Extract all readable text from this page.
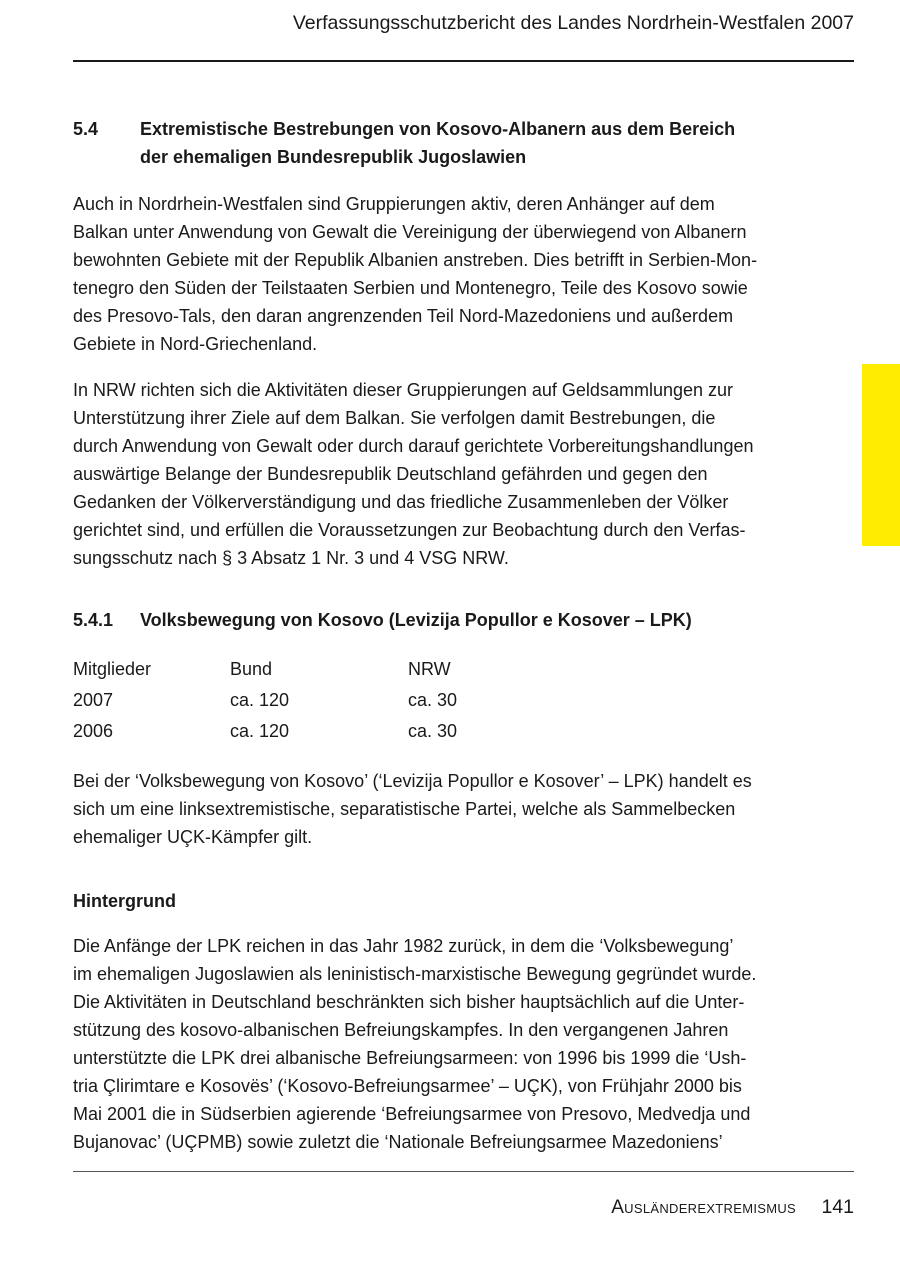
Verfassungsschutzbericht des Landes Nordrhein-Westfalen 2007
5.4	Extremistische Bestrebungen von Kosovo-Albanern aus dem Bereich
der ehemaligen Bundesrepublik Jugoslawien

Auch in Nordrhein-Westfalen sind Gruppierungen aktiv, deren Anhänger auf dem
Balkan unter Anwendung von Gewalt die Vereinigung der überwiegend von Albanern
bewohnten Gebiete mit der Republik Albanien anstreben. Dies betrifft in Serbien-Mon-
tenegro den Süden der Teilstaaten Serbien und Montenegro, Teile des Kosovo sowie
des Presovo-Tals, den daran angrenzenden Teil Nord-Mazedoniens und außerdem
Gebiete in Nord-Griechenland.

In NRW richten sich die Aktivitäten dieser Gruppierungen auf Geldsammlungen zur
Unterstützung ihrer Ziele auf dem Balkan. Sie verfolgen damit Bestrebungen, die
durch Anwendung von Gewalt oder durch darauf gerichtete Vorbereitungshandlungen
auswärtige Belange der Bundesrepublik Deutschland gefährden und gegen den
Gedanken der Völkerverständigung und das friedliche Zusammenleben der Völker
gerichtet sind, und erfüllen die Voraussetzungen zur Beobachtung durch den Verfas-
sungsschutz nach § 3 Absatz 1 Nr. 3 und 4 VSG NRW.

5.4.1	Volksbewegung von Kosovo (Levizija Popullor e Kosover – LPK)
Mitglieder	Bund	NRW
2007	ca. 120	ca. 30
2006	ca. 120	ca. 30

Bei der ‘Volksbewegung von Kosovo’ (‘Levizija Popullor e Kosover’ – LPK) handelt es
sich um eine linksextremistische, separatistische Partei, welche als Sammelbecken
ehemaliger UÇK-Kämpfer gilt.

Hintergrund

Die Anfänge der LPK reichen in das Jahr 1982 zurück, in dem die ‘Volksbewegung’
im ehemaligen Jugoslawien als leninistisch-marxistische Bewegung gegründet wurde.
Die Aktivitäten in Deutschland beschränkten sich bisher hauptsächlich auf die Unter-
stützung des kosovo-albanischen Befreiungskampfes. In den vergangenen Jahren
unterstützte die LPK drei albanische Befreiungsarmeen: von 1996 bis 1999 die ‘Ush-
tria Çlirimtare e Kosovës’ (‘Kosovo-Befreiungsarmee’ – UÇK), von Frühjahr 2000 bis
Mai 2001 die in Südserbien agierende ‘Befreiungsarmee von Presovo, Medvedja und
Bujanovac’ (UÇPMB) sowie zuletzt die ‘Nationale Befreiungsarmee Mazedoniens’

Ausländerextremismus 141
